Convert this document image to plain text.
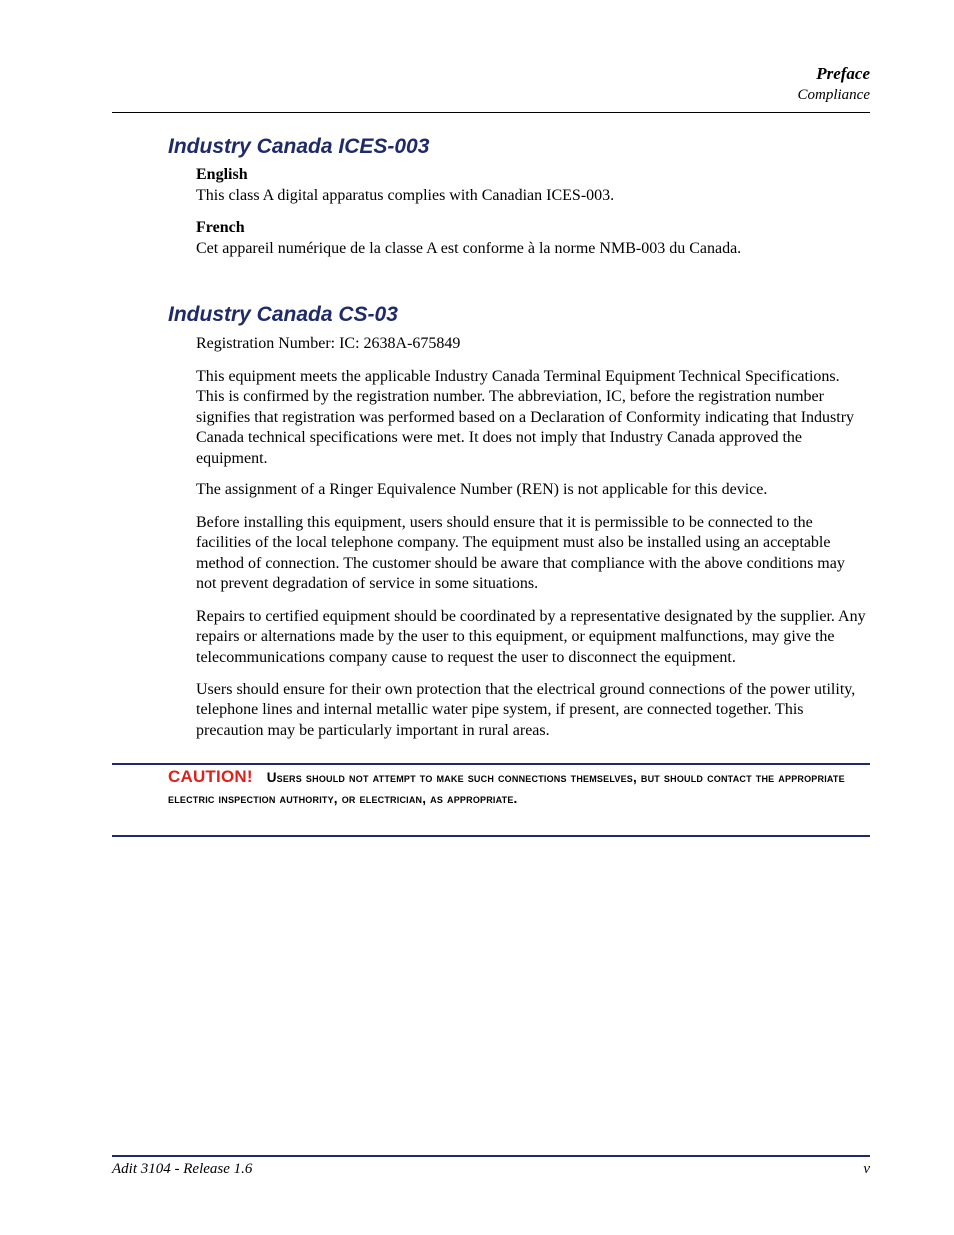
Preface
Compliance
Industry Canada ICES-003
English

This class A digital apparatus complies with Canadian ICES-003.

French

Cet appareil numérique de la classe A est conforme à la norme NMB-003 du Canada.

Industry Canada CS-03

Registration Number: IC: 2638A-675849

This equipment meets the applicable Industry Canada Terminal Equipment Technical Specifications. This is confirmed by the registration number. The abbreviation, IC, before the registration number signifies that registration was performed based on a Declaration of Conformity indicating that Industry Canada technical specifications were met. It does not imply that Industry Canada approved the equipment.

The assignment of a Ringer Equivalence Number (REN) is not applicable for this device.

Before installing this equipment, users should ensure that it is permissible to be connected to the facilities of the local telephone company. The equipment must also be installed using an acceptable method of connection. The customer should be aware that compliance with the above conditions may not prevent degradation of service in some situations.

Repairs to certified equipment should be coordinated by a representative designated by the supplier. Any repairs or alternations made by the user to this equipment, or equipment malfunctions, may give the telecommunications company cause to request the user to disconnect the equipment.

Users should ensure for their own protection that the electrical ground connections of the power utility, telephone lines and internal metallic water pipe system, if present, are connected together. This precaution may be particularly important in rural areas.

CAUTION! Users should not attempt to make such connections themselves, but should contact the appropriate electric inspection authority, or electrician, as appropriate.

Adit 3104 - Release 1.6	v
